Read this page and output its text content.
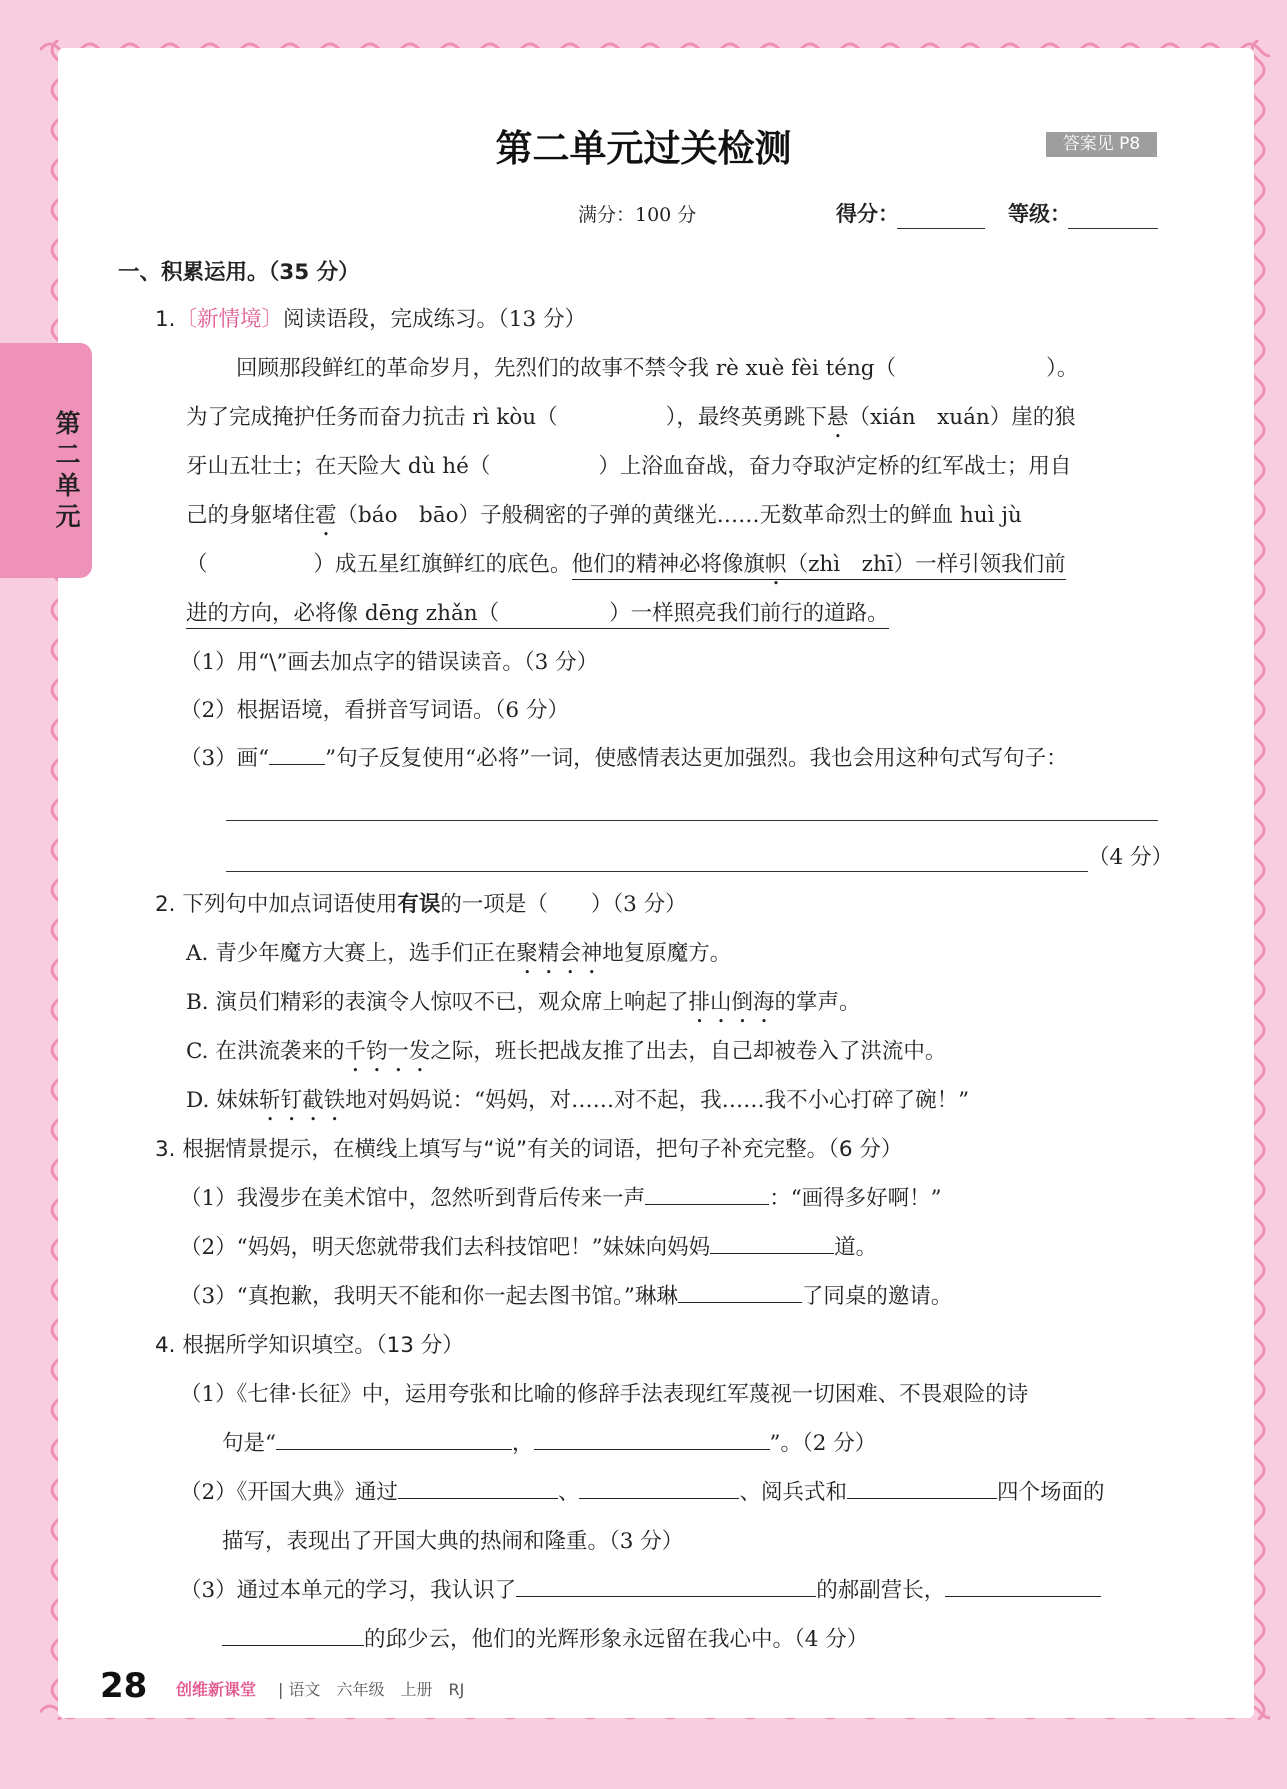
第二单元
第二单元过关检测	答案见 P8
满分：100 分	得分：	等级：
一、积累运用。（35 分）
1.〔新情境〕阅读语段，完成练习。（13 分）
回顾那段鲜红的革命岁月，先烈们的故事不禁令我 rè xuè fèi téng（	）。
为了完成掩护任务而奋力抗击 rì kòu（	），最终英勇跳下悬（xián　xuán）崖的狼
牙山五壮士；在天险大 dù hé（	）上浴血奋战，奋力夺取泸定桥的红军战士；用自
己的身躯堵住雹（báo　bāo）子般稠密的子弹的黄继光……无数革命烈士的鲜血 huì jù
（	）成五星红旗鲜红的底色。他们的精神必将像旗帜（zhì　zhī）一样引领我们前
进的方向，必将像 dēng zhǎn（	）一样照亮我们前行的道路。
（1）用“\”画去加点字的错误读音。（3 分）
（2）根据语境，看拼音写词语。（6 分）
（3）画“	”句子反复使用“必将”一词，使感情表达更加强烈。我也会用这种句式写句子：
（4 分）
2. 下列句中加点词语使用有误的一项是（　　）（3 分）
A. 青少年魔方大赛上，选手们正在聚精会神地复原魔方。
B. 演员们精彩的表演令人惊叹不已，观众席上响起了排山倒海的掌声。
C. 在洪流袭来的千钧一发之际，班长把战友推了出去，自己却被卷入了洪流中。
D. 妹妹斩钉截铁地对妈妈说：“妈妈，对……对不起，我……我不小心打碎了碗！”
3. 根据情景提示，在横线上填写与“说”有关的词语，把句子补充完整。（6 分）
（1）我漫步在美术馆中，忽然听到背后传来一声	：“画得多好啊！”
（2）“妈妈，明天您就带我们去科技馆吧！”妹妹向妈妈	道。
（3）“真抱歉，我明天不能和你一起去图书馆。”琳琳	了同桌的邀请。
4. 根据所学知识填空。（13 分）
（1）《七律·长征》中，运用夸张和比喻的修辞手法表现红军蔑视一切困难、不畏艰险的诗
句是“	，	”。（2 分）
（2）《开国大典》通过	、	、阅兵式和	四个场面的
描写，表现出了开国大典的热闹和隆重。（3 分）
（3）通过本单元的学习，我认识了	的郝副营长，
的邱少云，他们的光辉形象永远留在我心中。（4 分）
28 创维新课堂 | 语文　六年级　上册　RJ
